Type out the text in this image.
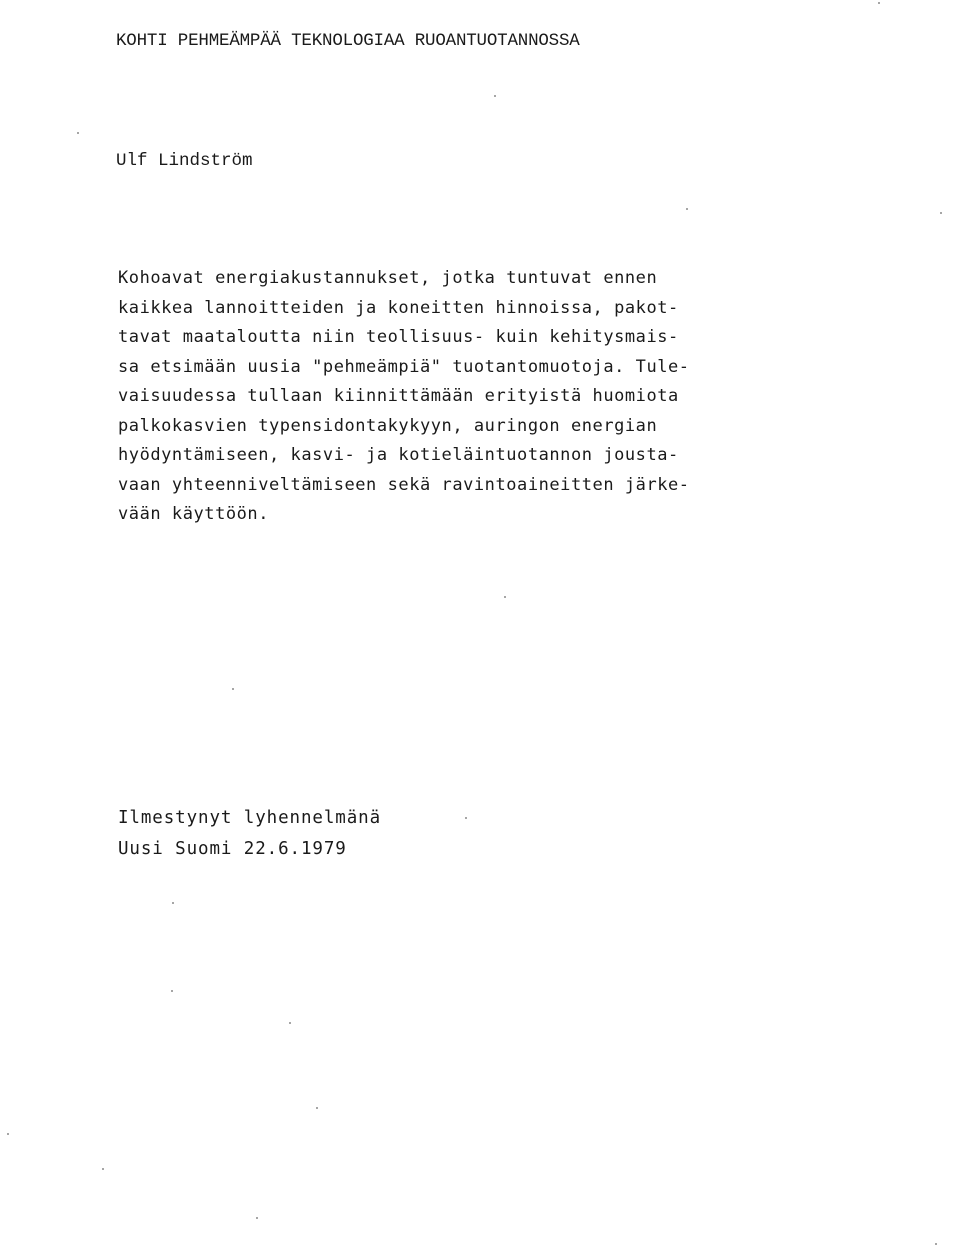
KOHTI PEHMEÄMPÄÄ TEKNOLOGIAA RUOANTUOTANNOSSA
Ulf Lindström
Kohoavat energiakustannukset, jotka tuntuvat ennen
kaikkea lannoitteiden ja koneitten hinnoissa, pakot-
tavat maataloutta niin teollisuus- kuin kehitysmais-
sa etsimään uusia "pehmeämpiä" tuotantomuotoja. Tule-
vaisuudessa tullaan kiinnittämään erityistä huomiota
palkokasvien typensidontakykyyn, auringon energian
hyödyntämiseen, kasvi- ja kotieläintuotannon jousta-
vaan yhteenniveltämiseen sekä ravintoaineitten järke-
vään käyttöön.
Ilmestynyt lyhennelmänä
Uusi Suomi 22.6.1979
